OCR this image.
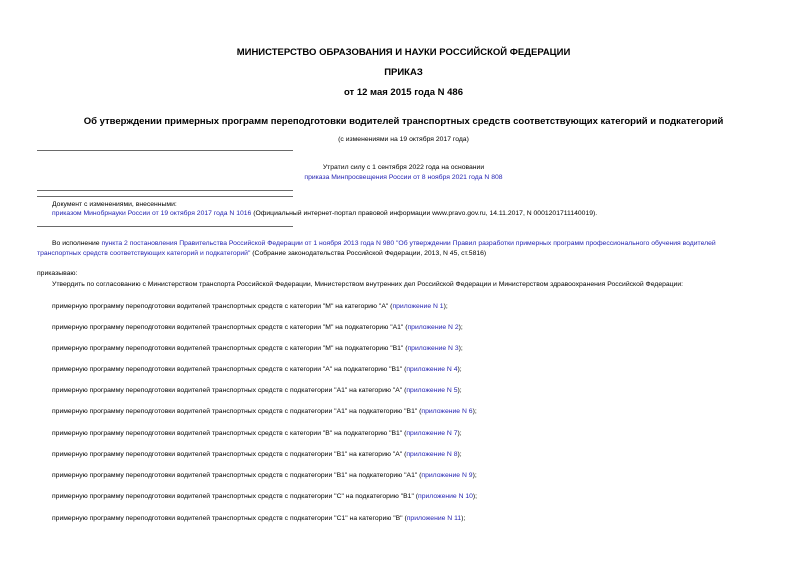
МИНИСТЕРСТВО ОБРАЗОВАНИЯ И НАУКИ РОССИЙСКОЙ ФЕДЕРАЦИИ
ПРИКАЗ
от 12 мая 2015 года N 486
Об утверждении примерных программ переподготовки водителей транспортных средств соответствующих категорий и подкатегорий
(с изменениями на 19 октября 2017 года)
Утратил силу с 1 сентября 2022 года на основании
приказа Минпросвещения России от 8 ноября 2021 года N 808
Документ с изменениями, внесенными:
приказом Минобрнауки России от 19 октября 2017 года N 1016 (Официальный интернет-портал правовой информации www.pravo.gov.ru, 14.11.2017, N 0001201711140019).
Во исполнение пункта 2 постановления Правительства Российской Федерации от 1 ноября 2013 года N 980 "Об утверждении Правил разработки примерных программ профессионального обучения водителей
транспортных средств соответствующих категорий и подкатегорий" (Собрание законодательства Российской Федерации, 2013, N 45, ст.5816)
приказываю:
Утвердить по согласованию с Министерством транспорта Российской Федерации, Министерством внутренних дел Российской Федерации и Министерством здравоохранения Российской Федерации:
примерную программу переподготовки водителей транспортных средств с категории "М" на категорию "А" (приложение N 1);
примерную программу переподготовки водителей транспортных средств с категории "М" на подкатегорию "А1" (приложение N 2);
примерную программу переподготовки водителей транспортных средств с категории "М" на подкатегорию "В1" (приложение N 3);
примерную программу переподготовки водителей транспортных средств с категории "А" на подкатегорию "В1" (приложение N 4);
примерную программу переподготовки водителей транспортных средств с подкатегории "А1" на категорию "А" (приложение N 5);
примерную программу переподготовки водителей транспортных средств с подкатегории "А1" на подкатегорию "В1" (приложение N 6);
примерную программу переподготовки водителей транспортных средств с категории "В" на подкатегорию "В1" (приложение N 7);
примерную программу переподготовки водителей транспортных средств с подкатегории "В1" на категорию "А" (приложение N 8);
примерную программу переподготовки водителей транспортных средств с подкатегории "В1" на подкатегорию "А1" (приложение N 9);
примерную программу переподготовки водителей транспортных средств с подкатегории "С" на подкатегорию "В1" (приложение N 10);
примерную программу переподготовки водителей транспортных средств с подкатегории "С1" на категорию "В" (приложение N 11);
